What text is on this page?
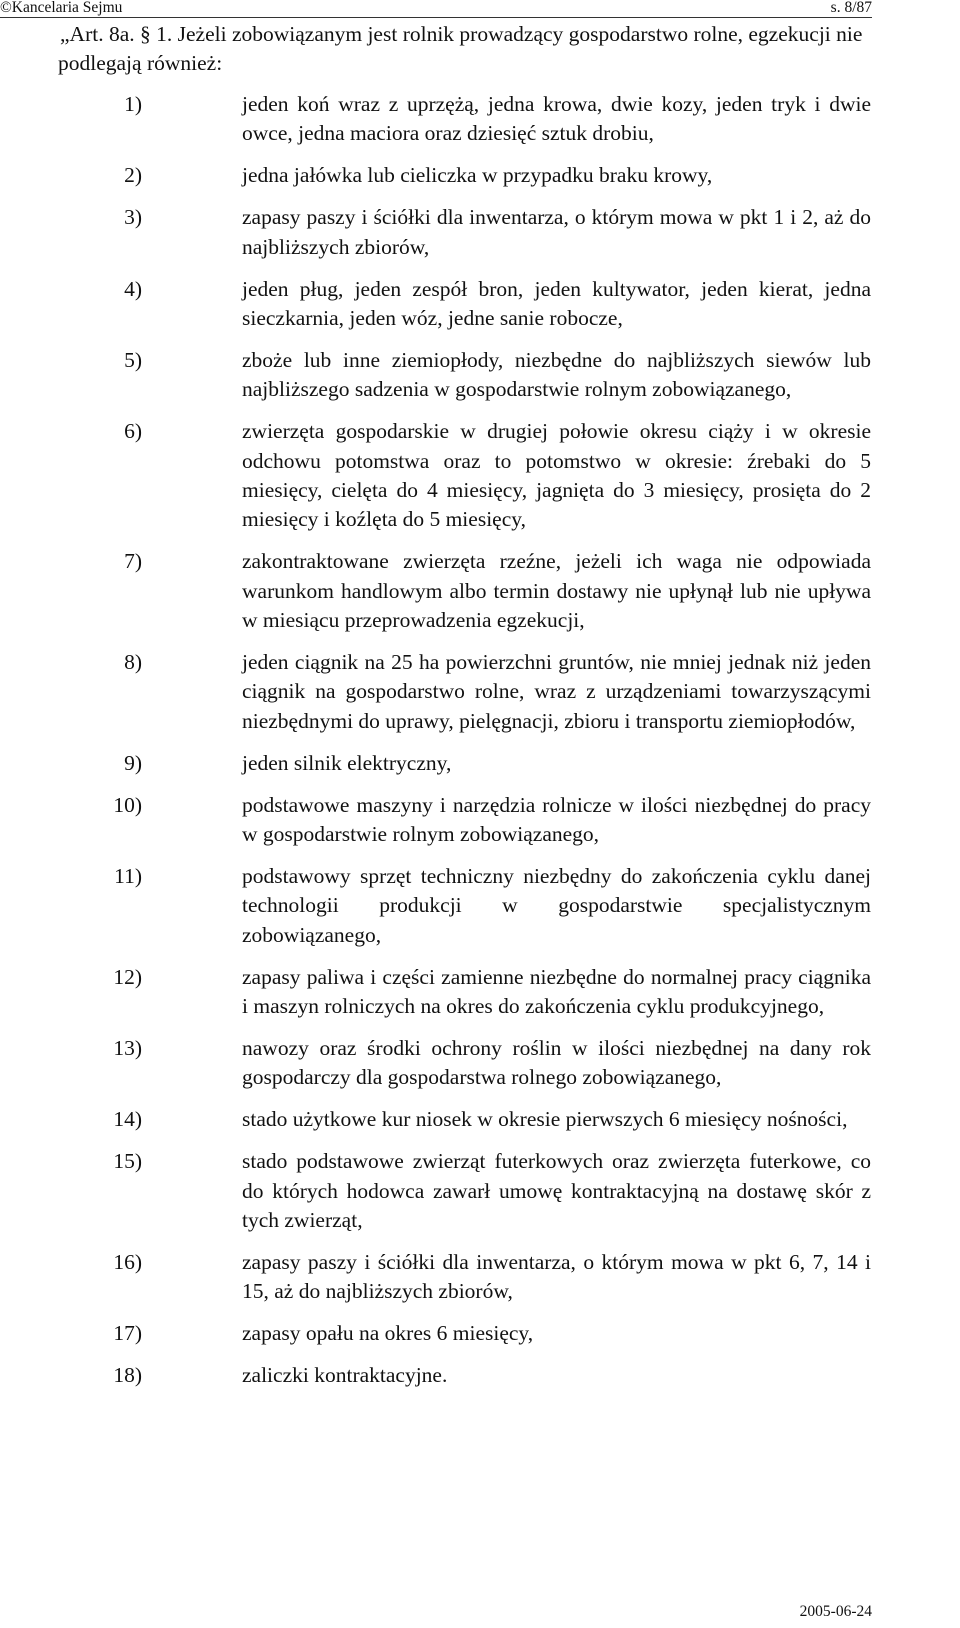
©Kancelaria Sejmu	s. 8/87
„Art. 8a. § 1. Jeżeli zobowiązanym jest rolnik prowadzący gospodarstwo rolne, egzekucji nie podlegają również:
1)	jeden koń wraz z uprzężą, jedna krowa, dwie kozy, jeden tryk i dwie owce, jedna maciora oraz dziesięć sztuk drobiu,
2)	jedna jałówka lub cieliczka w przypadku braku krowy,
3)	zapasy paszy i ściółki dla inwentarza, o którym mowa w pkt 1 i 2, aż do najbliższych zbiorów,
4)	jeden pług, jeden zespół bron, jeden kultywator, jeden kierat, jedna sieczkarnia, jeden wóz, jedne sanie robocze,
5)	zboże lub inne ziemiopłody, niezbędne do najbliższych siewów lub najbliższego sadzenia w gospodarstwie rolnym zobowiązanego,
6)	zwierzęta gospodarskie w drugiej połowie okresu ciąży i w okresie odchowu potomstwa oraz to potomstwo w okresie: źrebaki do 5 miesięcy, cielęta do 4 miesięcy, jagnięta do 3 miesięcy, prosięta do 2 miesięcy i koźlęta do 5 miesięcy,
7)	zakontraktowane zwierzęta rzeźne, jeżeli ich waga nie odpowiada warunkom handlowym albo termin dostawy nie upłynął lub nie upływa w miesiącu przeprowadzenia egzekucji,
8)	jeden ciągnik na 25 ha powierzchni gruntów, nie mniej jednak niż jeden ciągnik na gospodarstwo rolne, wraz z urządzeniami towarzyszącymi niezbędnymi do uprawy, pielęgnacji, zbioru i transportu ziemiopłodów,
9)	jeden silnik elektryczny,
10)	podstawowe maszyny i narzędzia rolnicze w ilości niezbędnej do pracy w gospodarstwie rolnym zobowiązanego,
11)	podstawowy sprzęt techniczny niezbędny do zakończenia cyklu danej technologii produkcji w gospodarstwie specjalistycznym zobowiązanego,
12)	zapasy paliwa i części zamienne niezbędne do normalnej pracy ciągnika i maszyn rolniczych na okres do zakończenia cyklu produkcyjnego,
13)	nawozy oraz środki ochrony roślin w ilości niezbędnej na dany rok gospodarczy dla gospodarstwa rolnego zobowiązanego,
14)	stado użytkowe kur niosek w okresie pierwszych 6 miesięcy nośności,
15)	stado podstawowe zwierząt futerkowych oraz zwierzęta futerkowe, co do których hodowca zawarł umowę kontraktacyjną na dostawę skór z tych zwierząt,
16)	zapasy paszy i ściółki dla inwentarza, o którym mowa w pkt 6, 7, 14 i 15, aż do najbliższych zbiorów,
17)	zapasy opału na okres 6 miesięcy,
18)	zaliczki kontraktacyjne.
2005-06-24
